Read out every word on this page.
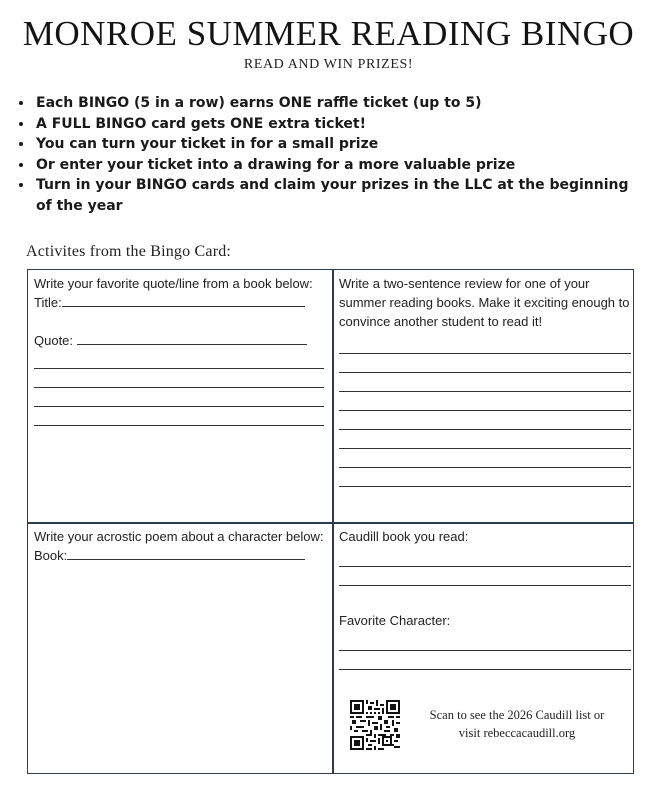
MONROE SUMMER READING BINGO
READ AND WIN PRIZES!
• Each BINGO (5 in a row) earns ONE raffle ticket (up to 5)
• A FULL BINGO card gets ONE extra ticket!
• You can turn your ticket in for a small prize
• Or enter your ticket into a drawing for a more valuable prize
• Turn in your BINGO cards and claim your prizes in the LLC at the beginning of the year
Activites from the Bingo Card:
Write your favorite quote/line from a book below:
Title:
Quote:
Write a two-sentence review for one of your summer reading books. Make it exciting enough to convince another student to read it!
Write your acrostic poem about a character below:
Book:
Caudill book you read:
Favorite Character:
Scan to see the 2026 Caudill list or
visit rebeccacaudill.org
